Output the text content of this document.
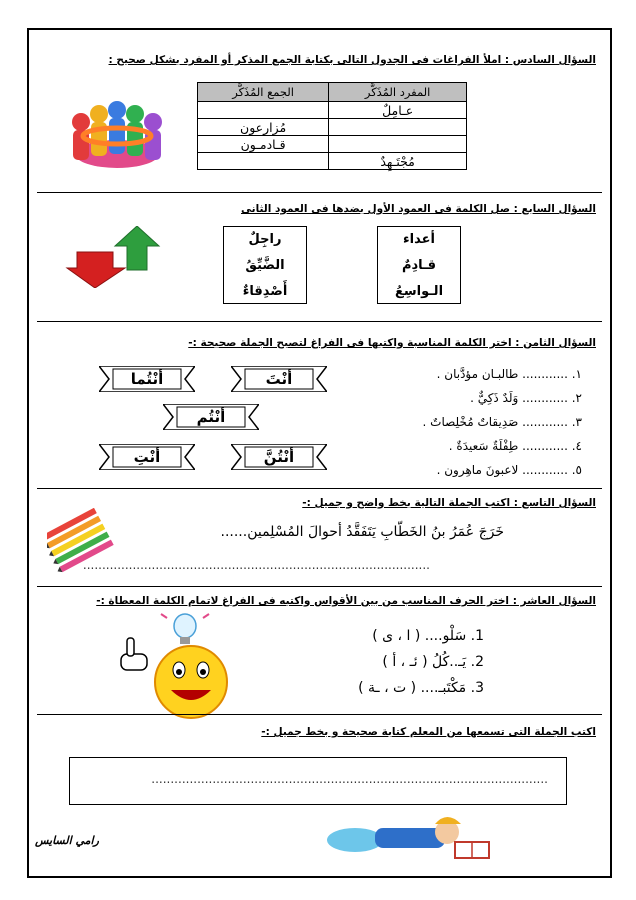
السؤال السادس : املأ الفراغات فى الجدول التالى بكتابة الجمع المذكر أو المفرد بشكل صحيح :
المفرد المُذَكَّر	الجمع المُذَكَّر
عـامِلٌ	
	مُزارعون
	قـادمـون
مُجْتَـهِدٌ	
السؤال السابع : صل الكلمة فى العمود الأول بضدها فى العمود الثانى
راجِلٌ
الضَّيِّقُ
أَصْدِقاءٌ
أعداء
قـادِمٌ
الـواسِعُ
السؤال الثامن : اختر الكلمة المناسبة واكتبها فى الفراغ لتصبح الجملة صحيحة :-
١. ............ طالبـان مؤدَّبان .
٢. ............ وَلَدٌ ذَكِيٌّ .
٣. ............ صَدِيقاتٌ مُخْلِصاتٌ .
٤. ............ طِفْلَةٌ سَعيدَةٌ .
٥. ............ لاعبونَ ماهِرون .
أنْتُما	أنْتَ
أنْتُم
أنْتِ	أنْتُنَّ
السؤال التاسع : اكتب الجملة التالية بخط واضح و جميل :-
خَرَجَ عُمَرُ بنُ الخَطّابِ يَتَفَقَّدُ أحوالَ المُسْلِمين......
...........................................................................................
السؤال العاشر : اختر الحرف المناسب من بين الأقواس واكتبه فى الفراغ لاتمام الكلمة المعطاة :-
1. سَلْو.... ( ا ، ى )
2. يَـ..كُلُ ( ئـ ، أ )
3. مَكْتَبـ.... ( ت ، ـة )
اكتب الجملة التى تسمعها من المعلم كتابة صحيحة و بخط جميل :-
........................................................................................................
رامي السايس
